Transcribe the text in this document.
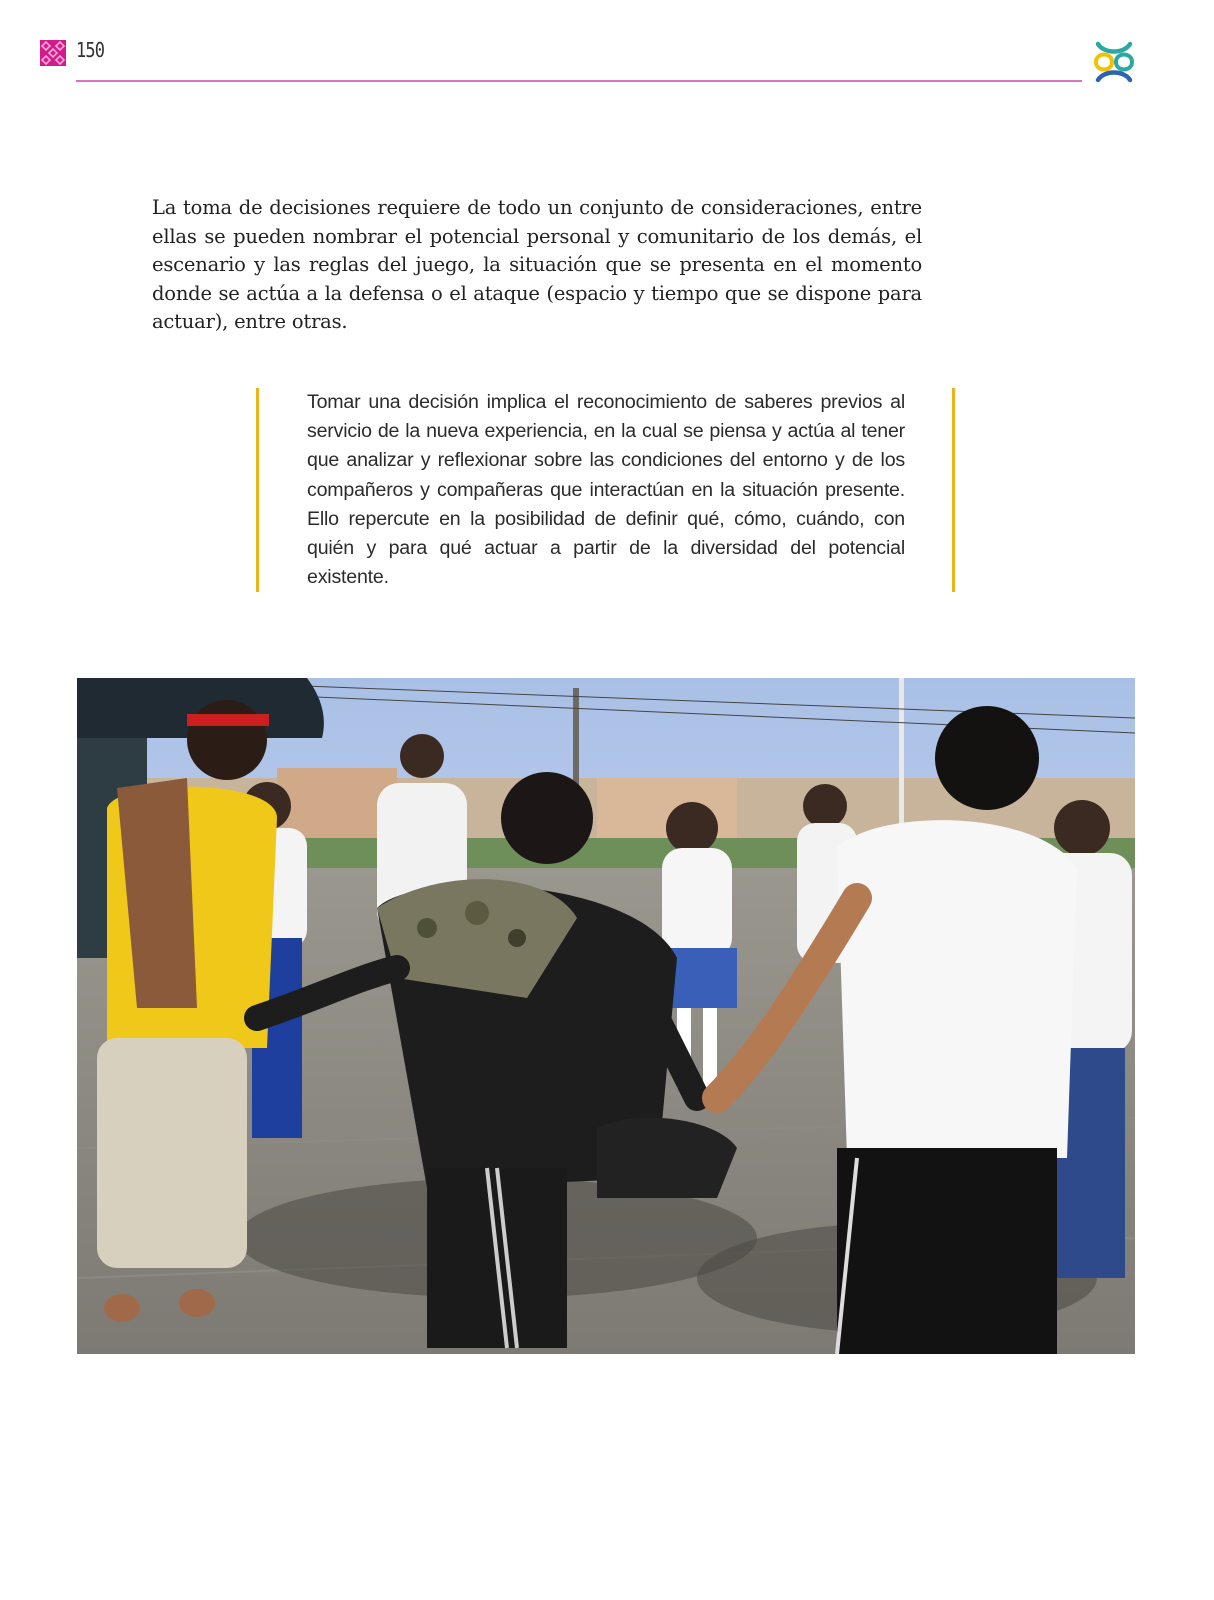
150

La toma de decisiones requiere de todo un conjunto de consideraciones, entre ellas se pueden nombrar el potencial personal y comunitario de los demás, el escenario y las reglas del juego, la situación que se presenta en el momento donde se actúa a la defensa o el ataque (espacio y tiempo que se dispone para actuar), entre otras.

Tomar una decisión implica el reconocimiento de saberes previos al servicio de la nueva experiencia, en la cual se piensa y actúa al tener que analizar y reflexionar sobre las condiciones del entorno y de los compañeros y compañeras que interactúan en la situación presente. Ello repercute en la posibilidad de definir qué, cómo, cuándo, con quién y para qué actuar a partir de la diversidad del potencial existente.
